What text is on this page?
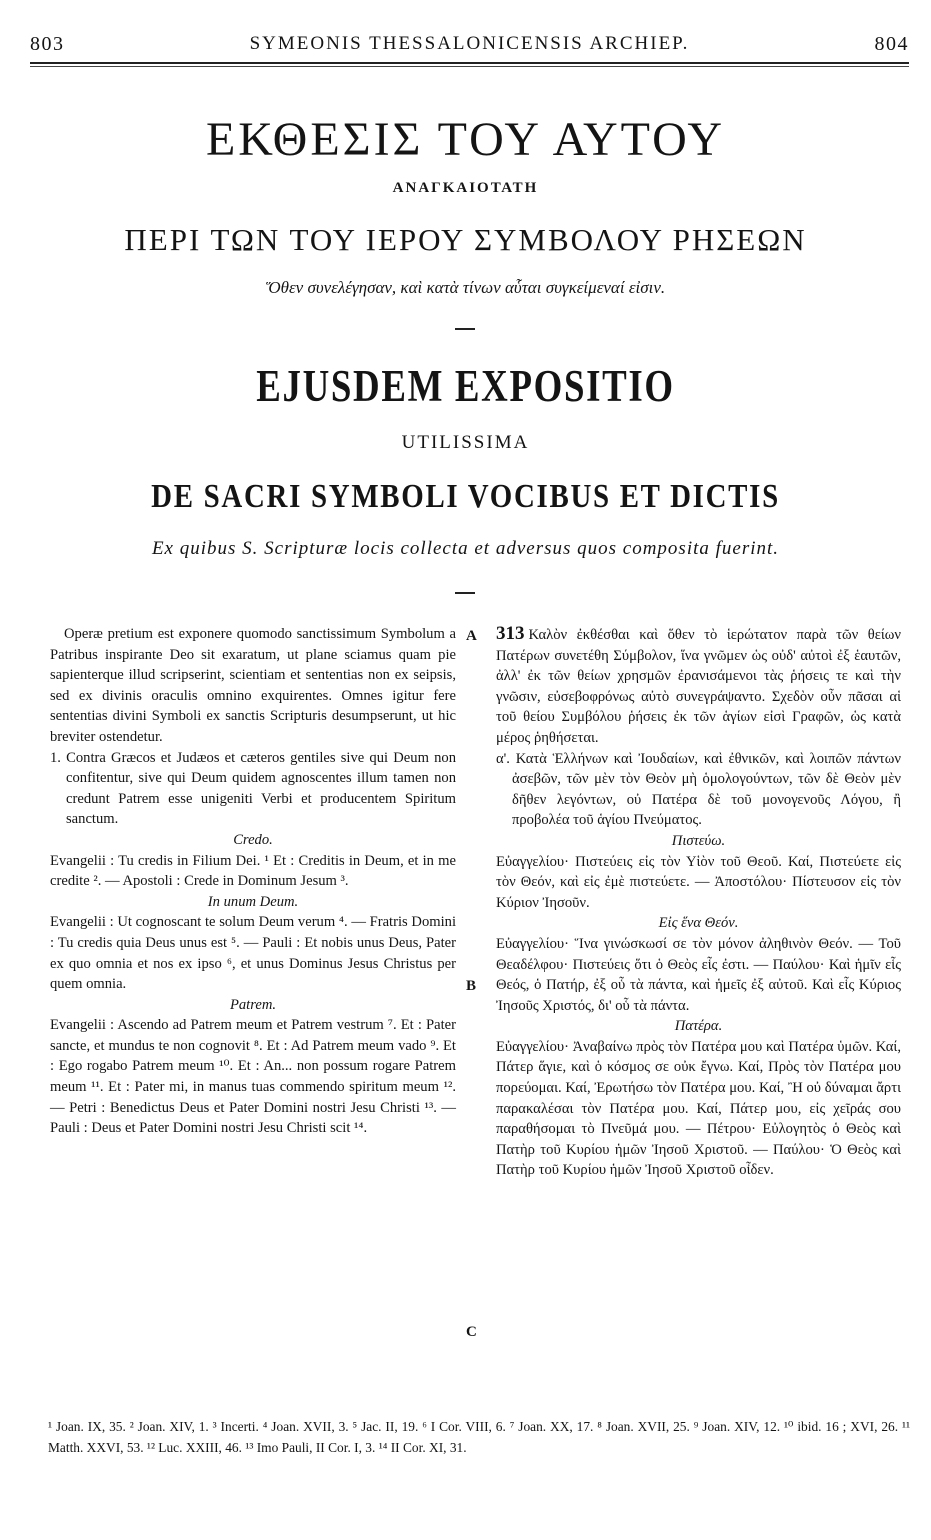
803	SYMEONIS THESSALONICENSIS ARCHIEP.	804
ΕΚΘΕΣΙΣ ΤΟΥ ΑΥΤΟΥ
ΑΝΑΓΚΑΙΟΤΑΤΗ
ΠΕΡΙ ΤΩΝ ΤΟΥ ΙΕΡΟΥ ΣΥΜΒΟΛΟΥ ΡΗΣΕΩΝ
Ὅθεν συνελέγησαν, καὶ κατὰ τίνων αὗται συγκείμεναί εἰσιν.
EJUSDEM EXPOSITIO
UTILISSIMA
DE SACRI SYMBOLI VOCIBUS ET DICTIS
Ex quibus S. Scripturæ locis collecta et adversus quos composita fuerint.
A
B
C

Operæ pretium est exponere quomodo sanctissimum Symbolum a Patribus inspirante Deo sit exaratum, ut plane sciamus quam pie sapienterque illud scripserint, scientiam et sententias non ex seipsis, sed ex divinis oraculis omnino exquirentes. Omnes igitur fere sententias divini Symboli ex sanctis Scripturis desumpserunt, ut hic breviter ostendetur.

1. Contra Græcos et Judæos et cæteros gentiles sive qui Deum non confitentur, sive qui Deum quidem agnoscentes illum tamen non credunt Patrem esse unigeniti Verbi et producentem Spiritum sanctum.

Credo.

Evangelii : Tu credis in Filium Dei. ¹ Et : Creditis in Deum, et in me credite ². — Apostoli : Crede in Dominum Jesum ³.

In unum Deum.

Evangelii : Ut cognoscant te solum Deum verum ⁴. — Fratris Domini : Tu credis quia Deus unus est ⁵. — Pauli : Et nobis unus Deus, Pater ex quo omnia et nos ex ipso ⁶, et unus Dominus Jesus Christus per quem omnia.

Patrem.

Evangelii : Ascendo ad Patrem meum et Patrem vestrum ⁷. Et : Pater sancte, et mundus te non cognovit ⁸. Et : Ad Patrem meum vado ⁹. Et : Ego rogabo Patrem meum ¹⁰. Et : An... non possum rogare Patrem meum ¹¹. Et : Pater mi, in manus tuas commendo spiritum meum ¹². — Petri : Benedictus Deus et Pater Domini nostri Jesu Christi ¹³. — Pauli : Deus et Pater Domini nostri Jesu Christi scit ¹⁴.

313 Καλὸν ἐκθέσθαι καὶ ὅθεν τὸ ἱερώτατον παρὰ τῶν θείων Πατέρων συνετέθη Σύμβολον, ἵνα γνῶμεν ὡς οὐδ' αὐτοὶ ἐξ ἑαυτῶν, ἀλλ' ἐκ τῶν θείων χρησμῶν ἐρανισάμενοι τὰς ῥήσεις τε καὶ τὴν γνῶσιν, εὐσεβοφρόνως αὐτὸ συνεγράψαντο. Σχεδὸν οὖν πᾶσαι αἱ τοῦ θείου Συμβόλου ῥήσεις ἐκ τῶν ἁγίων εἰσὶ Γραφῶν, ὡς κατὰ μέρος ῥηθήσεται.

α'. Κατὰ Ἑλλήνων καὶ Ἰουδαίων, καὶ ἐθνικῶν, καὶ λοιπῶν πάντων ἀσεβῶν, τῶν μὲν τὸν Θεὸν μὴ ὁμολογούντων, τῶν δὲ Θεὸν μὲν δῆθεν λεγόντων, οὐ Πατέρα δὲ τοῦ μονογενοῦς Λόγου, ἢ προβολέα τοῦ ἁγίου Πνεύματος.

Πιστεύω.

Εὐαγγελίου· Πιστεύεις εἰς τὸν Υἱὸν τοῦ Θεοῦ. Καί, Πιστεύετε εἰς τὸν Θεόν, καὶ εἰς ἐμὲ πιστεύετε. — Ἀποστόλου· Πίστευσον εἰς τὸν Κύριον Ἰησοῦν.

Εἰς ἕνα Θεόν.

Εὐαγγελίου· Ἵνα γινώσκωσί σε τὸν μόνον ἀληθινὸν Θεόν. — Τοῦ Θεαδέλφου· Πιστεύεις ὅτι ὁ Θεὸς εἷς ἐστι. — Παύλου· Καὶ ἡμῖν εἷς Θεός, ὁ Πατήρ, ἐξ οὗ τὰ πάντα, καὶ ἡμεῖς ἐξ αὐτοῦ. Καὶ εἷς Κύριος Ἰησοῦς Χριστός, δι' οὗ τὰ πάντα.

Πατέρα.

Εὐαγγελίου· Ἀναβαίνω πρὸς τὸν Πατέρα μου καὶ Πατέρα ὑμῶν. Καί, Πάτερ ἅγιε, καὶ ὁ κόσμος σε οὐκ ἔγνω. Καί, Πρὸς τὸν Πατέρα μου πορεύομαι. Καί, Ἐρωτήσω τὸν Πατέρα μου. Καί, Ἢ οὐ δύναμαι ἄρτι παρακαλέσαι τὸν Πατέρα μου. Καί, Πάτερ μου, εἰς χεῖράς σου παραθήσομαι τὸ Πνεῦμά μου. — Πέτρου· Εὐλογητὸς ὁ Θεὸς καὶ Πατὴρ τοῦ Κυρίου ἡμῶν Ἰησοῦ Χριστοῦ. — Παύλου· Ὁ Θεὸς καὶ Πατὴρ τοῦ Κυρίου ἡμῶν Ἰησοῦ Χριστοῦ οἶδεν.

¹ Joan. IX, 35. ² Joan. XIV, 1. ³ Incerti. ⁴ Joan. XVII, 3. ⁵ Jac. II, 19. ⁶ I Cor. VIII, 6. ⁷ Joan. XX, 17. ⁸ Joan. XVII, 25. ⁹ Joan. XIV, 12. ¹⁰ ibid. 16 ; XVI, 26. ¹¹ Matth. XXVI, 53. ¹² Luc. XXIII, 46. ¹³ Imo Pauli, II Cor. I, 3. ¹⁴ II Cor. XI, 31.
